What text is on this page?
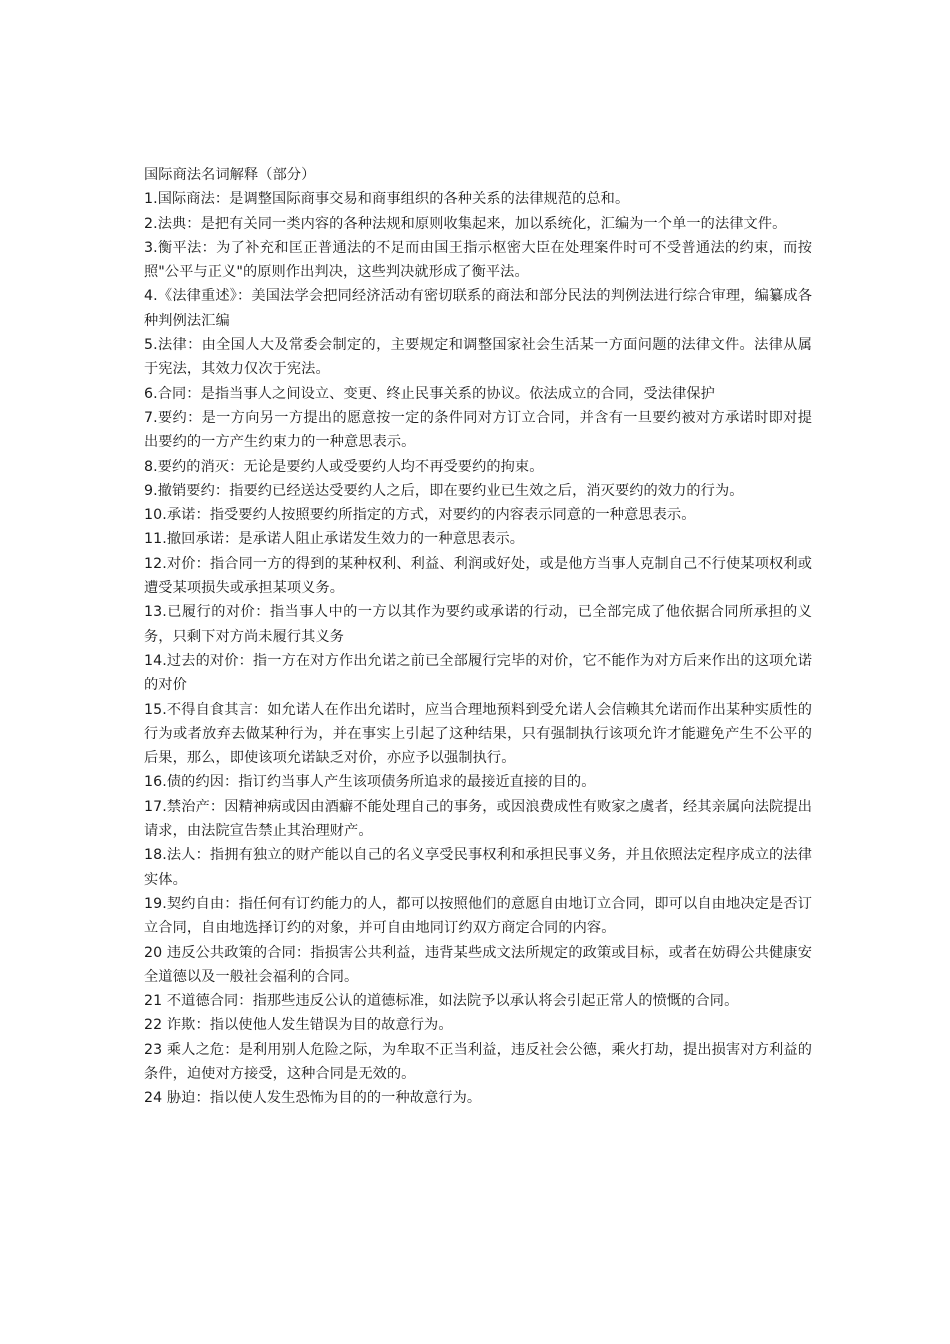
国际商法名词解释（部分）

1.国际商法：是调整国际商事交易和商事组织的各种关系的法律规范的总和。

2.法典：是把有关同一类内容的各种法规和原则收集起来，加以系统化，汇编为一个单一的法律文件。

3.衡平法：为了补充和匡正普通法的不足而由国王指示枢密大臣在处理案件时可不受普通法的约束，而按照"公平与正义"的原则作出判决，这些判决就形成了衡平法。

4.《法律重述》：美国法学会把同经济活动有密切联系的商法和部分民法的判例法进行综合审理，编纂成各种判例法汇编

5.法律：由全国人大及常委会制定的，主要规定和调整国家社会生活某一方面问题的法律文件。法律从属于宪法，其效力仅次于宪法。

6.合同：是指当事人之间设立、变更、终止民事关系的协议。依法成立的合同，受法律保护

7.要约：是一方向另一方提出的愿意按一定的条件同对方订立合同，并含有一旦要约被对方承诺时即对提出要约的一方产生约束力的一种意思表示。

8.要约的消灭：无论是要约人或受要约人均不再受要约的拘束。

9.撤销要约：指要约已经送达受要约人之后，即在要约业已生效之后，消灭要约的效力的行为。

10.承诺：指受要约人按照要约所指定的方式，对要约的内容表示同意的一种意思表示。

11.撤回承诺：是承诺人阻止承诺发生效力的一种意思表示。

12.对价：指合同一方的得到的某种权利、利益、利润或好处，或是他方当事人克制自己不行使某项权利或遭受某项损失或承担某项义务。

13.已履行的对价：指当事人中的一方以其作为要约或承诺的行动，已全部完成了他依据合同所承担的义务，只剩下对方尚未履行其义务

14.过去的对价：指一方在对方作出允诺之前已全部履行完毕的对价，它不能作为对方后来作出的这项允诺的对价

15.不得自食其言：如允诺人在作出允诺时，应当合理地预料到受允诺人会信赖其允诺而作出某种实质性的行为或者放弃去做某种行为，并在事实上引起了这种结果，只有强制执行该项允许才能避免产生不公平的后果，那么，即使该项允诺缺乏对价，亦应予以强制执行。

16.债的约因：指订约当事人产生该项债务所追求的最接近直接的目的。

17.禁治产：因精神病或因由酒癖不能处理自己的事务，或因浪费成性有败家之虞者，经其亲属向法院提出请求，由法院宣告禁止其治理财产。

18.法人：指拥有独立的财产能以自己的名义享受民事权利和承担民事义务，并且依照法定程序成立的法律实体。

19.契约自由：指任何有订约能力的人，都可以按照他们的意愿自由地订立合同，即可以自由地决定是否订立合同，自由地选择订约的对象，并可自由地同订约双方商定合同的内容。

20 违反公共政策的合同：指损害公共利益，违背某些成文法所规定的政策或目标，或者在妨碍公共健康安全道德以及一般社会福利的合同。

21 不道德合同：指那些违反公认的道德标准，如法院予以承认将会引起正常人的愤慨的合同。

22 诈欺：指以使他人发生错误为目的故意行为。

23 乘人之危：是利用别人危险之际，为牟取不正当利益，违反社会公德，乘火打劫，提出损害对方利益的条件，迫使对方接受，这种合同是无效的。

24 胁迫：指以使人发生恐怖为目的的一种故意行为。
